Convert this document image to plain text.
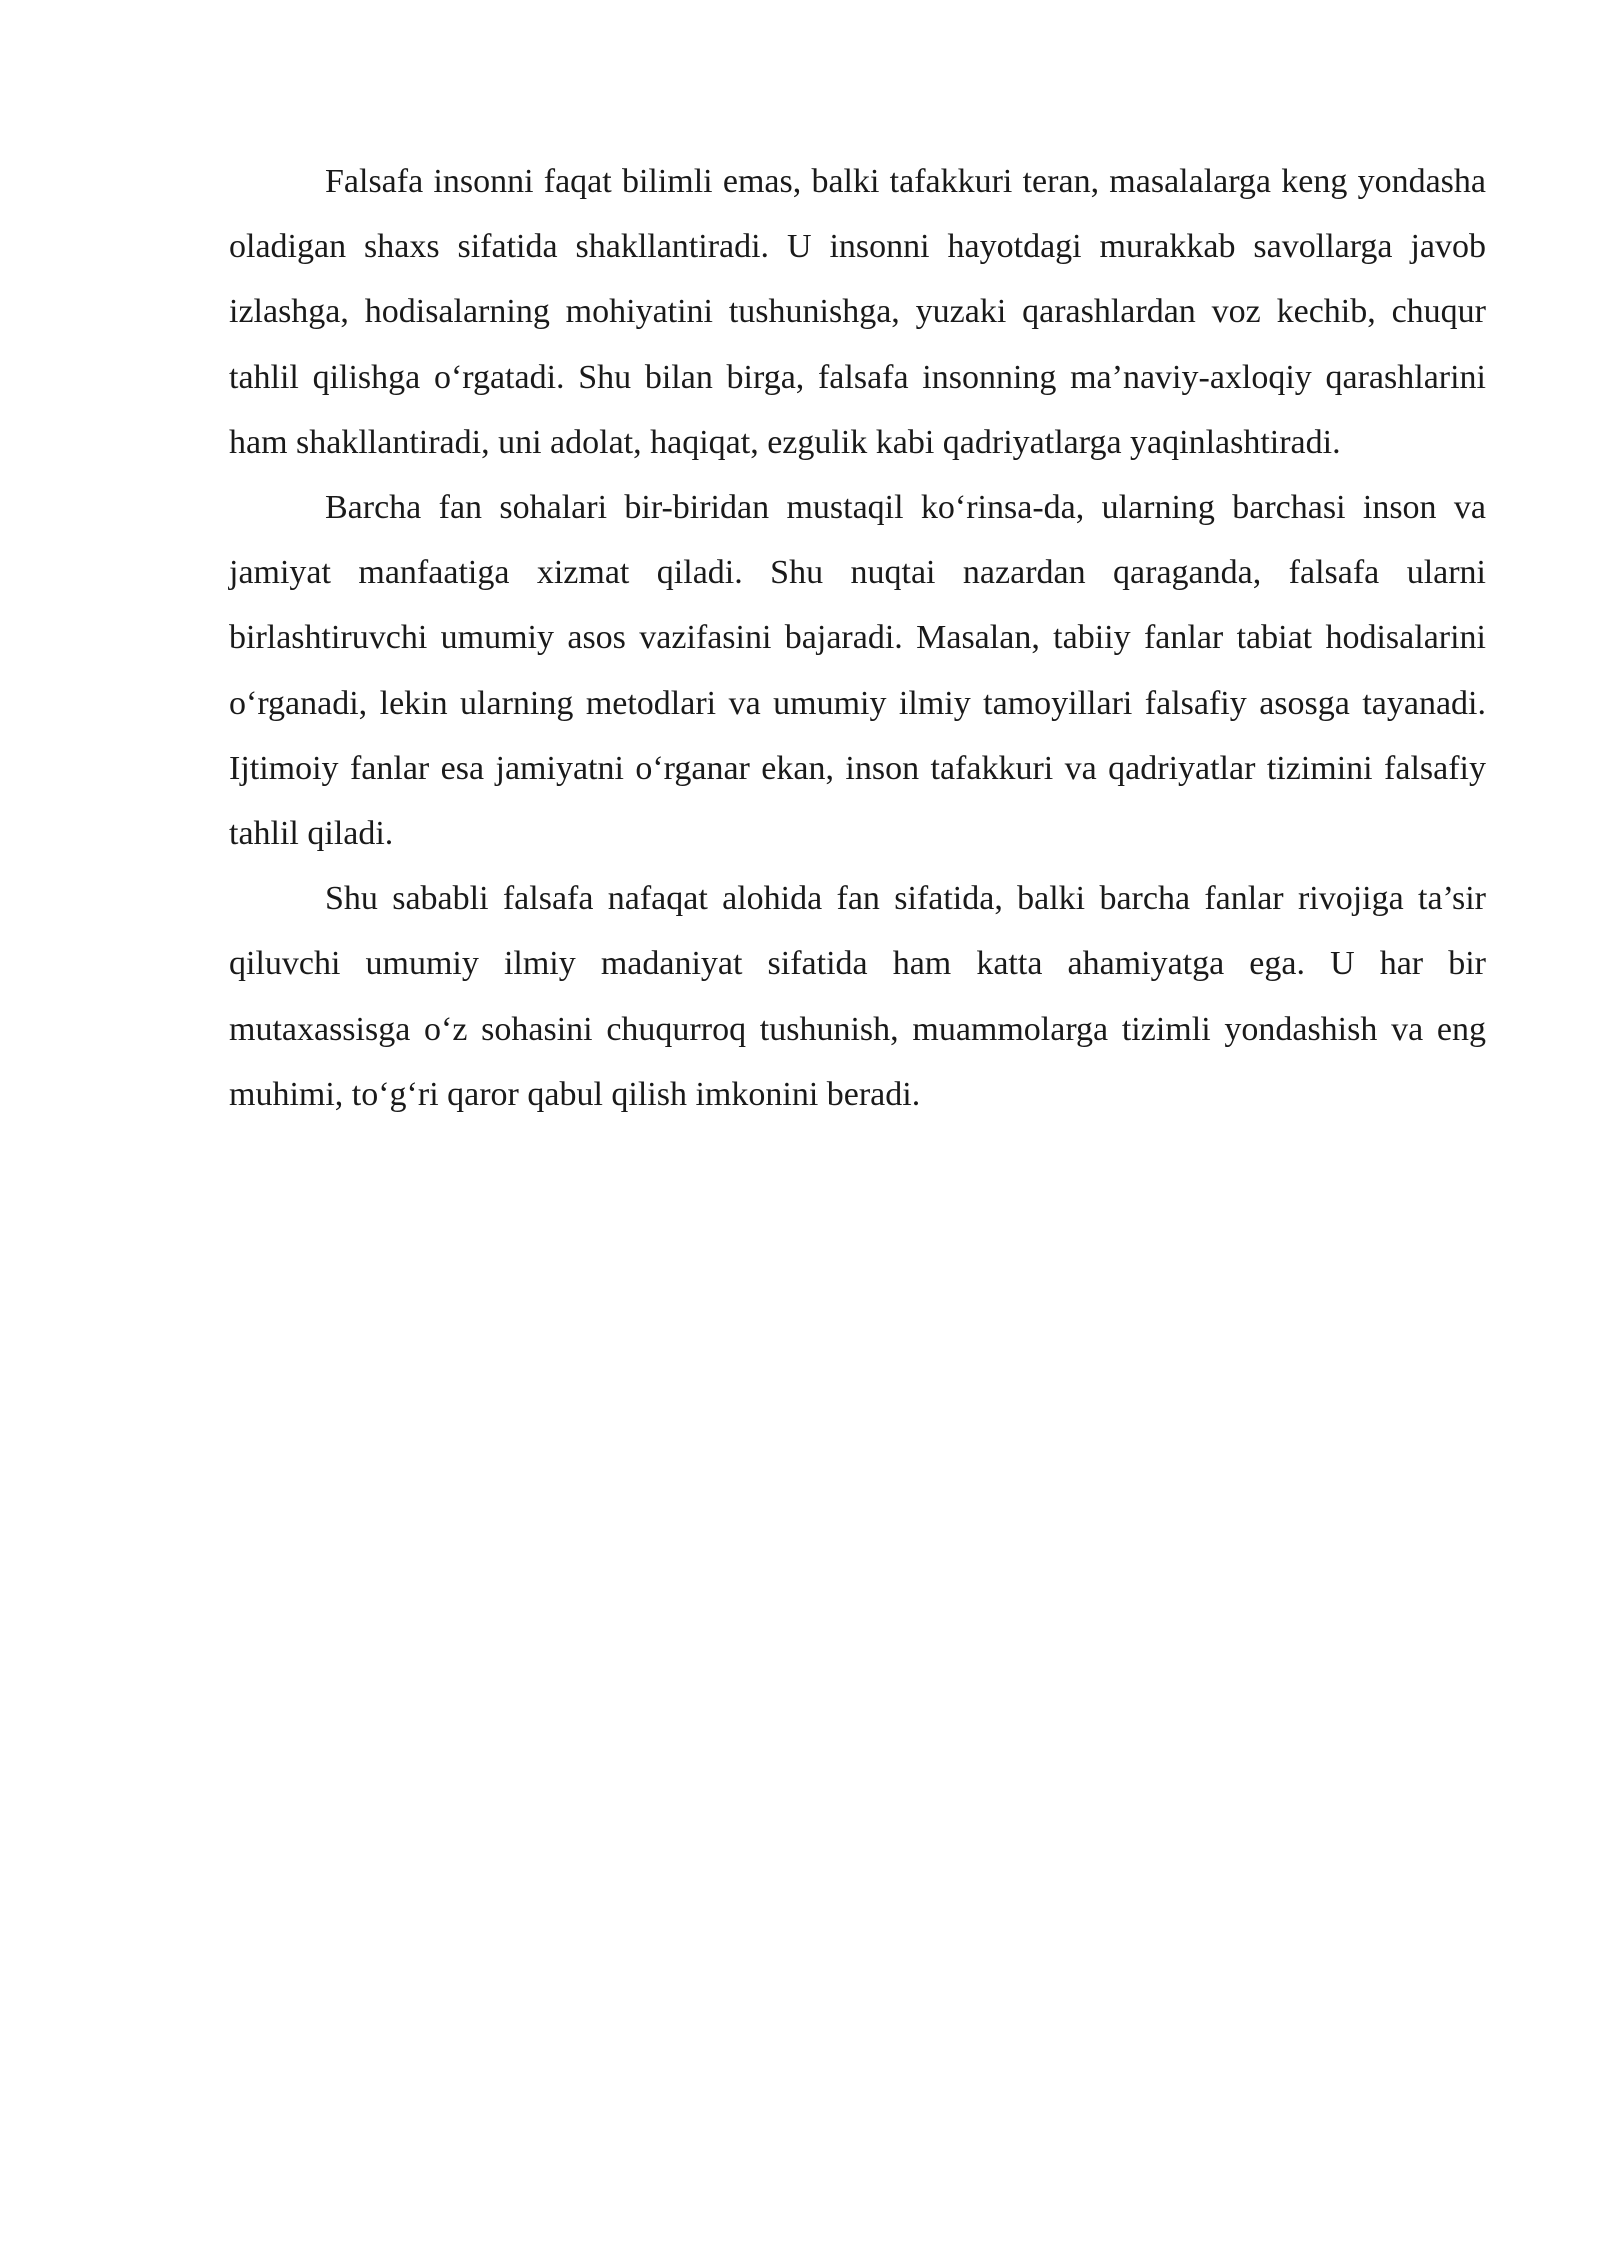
Falsafa insonni faqat bilimli emas, balki tafakkuri teran, masalalarga keng yondasha oladigan shaxs sifatida shakllantiradi. U insonni hayotdagi murakkab savollarga javob izlashga, hodisalarning mohiyatini tushunishga, yuzaki qarashlardan voz kechib, chuqur tahlil qilishga o‘rgatadi. Shu bilan birga, falsafa insonning ma’naviy-axloqiy qarashlarini ham shakllantiradi, uni adolat, haqiqat, ezgulik kabi qadriyatlarga yaqinlashtiradi.

Barcha fan sohalari bir-biridan mustaqil ko‘rinsa-da, ularning barchasi inson va jamiyat manfaatiga xizmat qiladi. Shu nuqtai nazardan qaraganda, falsafa ularni birlashtiruvchi umumiy asos vazifasini bajaradi. Masalan, tabiiy fanlar tabiat hodisalarini o‘rganadi, lekin ularning metodlari va umumiy ilmiy tamoyillari falsafiy asosga tayanadi. Ijtimoiy fanlar esa jamiyatni o‘rganar ekan, inson tafakkuri va qadriyatlar tizimini falsafiy tahlil qiladi.

Shu sababli falsafa nafaqat alohida fan sifatida, balki barcha fanlar rivojiga ta’sir qiluvchi umumiy ilmiy madaniyat sifatida ham katta ahamiyatga ega. U har bir mutaxassisga o‘z sohasini chuqurroq tushunish, muammolarga tizimli yondashish va eng muhimi, to‘g‘ri qaror qabul qilish imkonini beradi.
